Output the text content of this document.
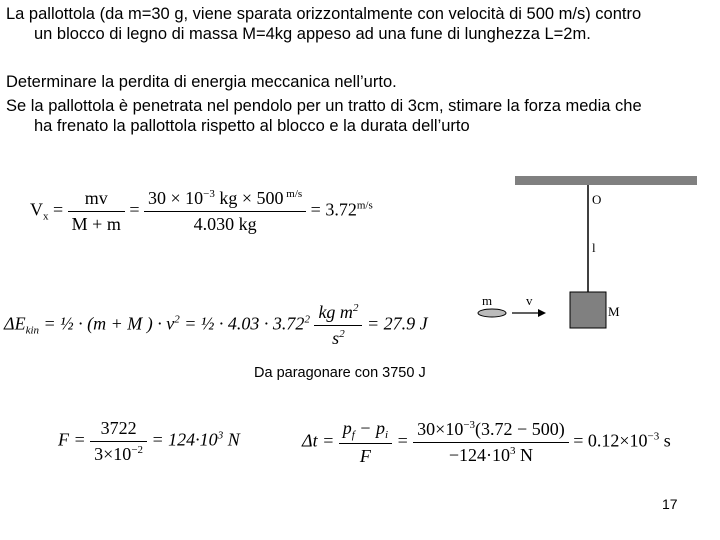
La pallottola (da m=30 g, viene sparata orizzontalmente con velocità di 500 m/s) contro
un blocco di legno di massa M=4kg appeso ad una fune di lunghezza L=2m.
Determinare la perdita di energia meccanica nell’urto.
Se la pallottola è penetrata nel pendolo per un tratto di 3cm, stimare la forza media che
ha frenato la pallottola rispetto al blocco e la durata dell’urto
O
l
m	v
M
$V_x = \frac{mv}{M + m} = \frac{30 \times 10^{-3} kg \times 500 ^{m/s}}{4.030 kg} = 3.72^{m/s}$
$\Delta E_{kin}$ = ½ · (m + M ) · $v^2$ = ½ · $4.03 \cdot 3.72^2 \frac{kg m^2}{s^2} = 27.9$ J
Da paragonare con 3750 J
$F = \frac{3722}{3\times 10^{-2}} = 124\cdot 10^3$ N	$\Delta t = \frac{p_f - p_i}{F} = \frac{30\times 10^{-3}(3.72 - 500)}{-124\cdot 10^3 N} = 0.12\times 10^{-3}$ s
17
